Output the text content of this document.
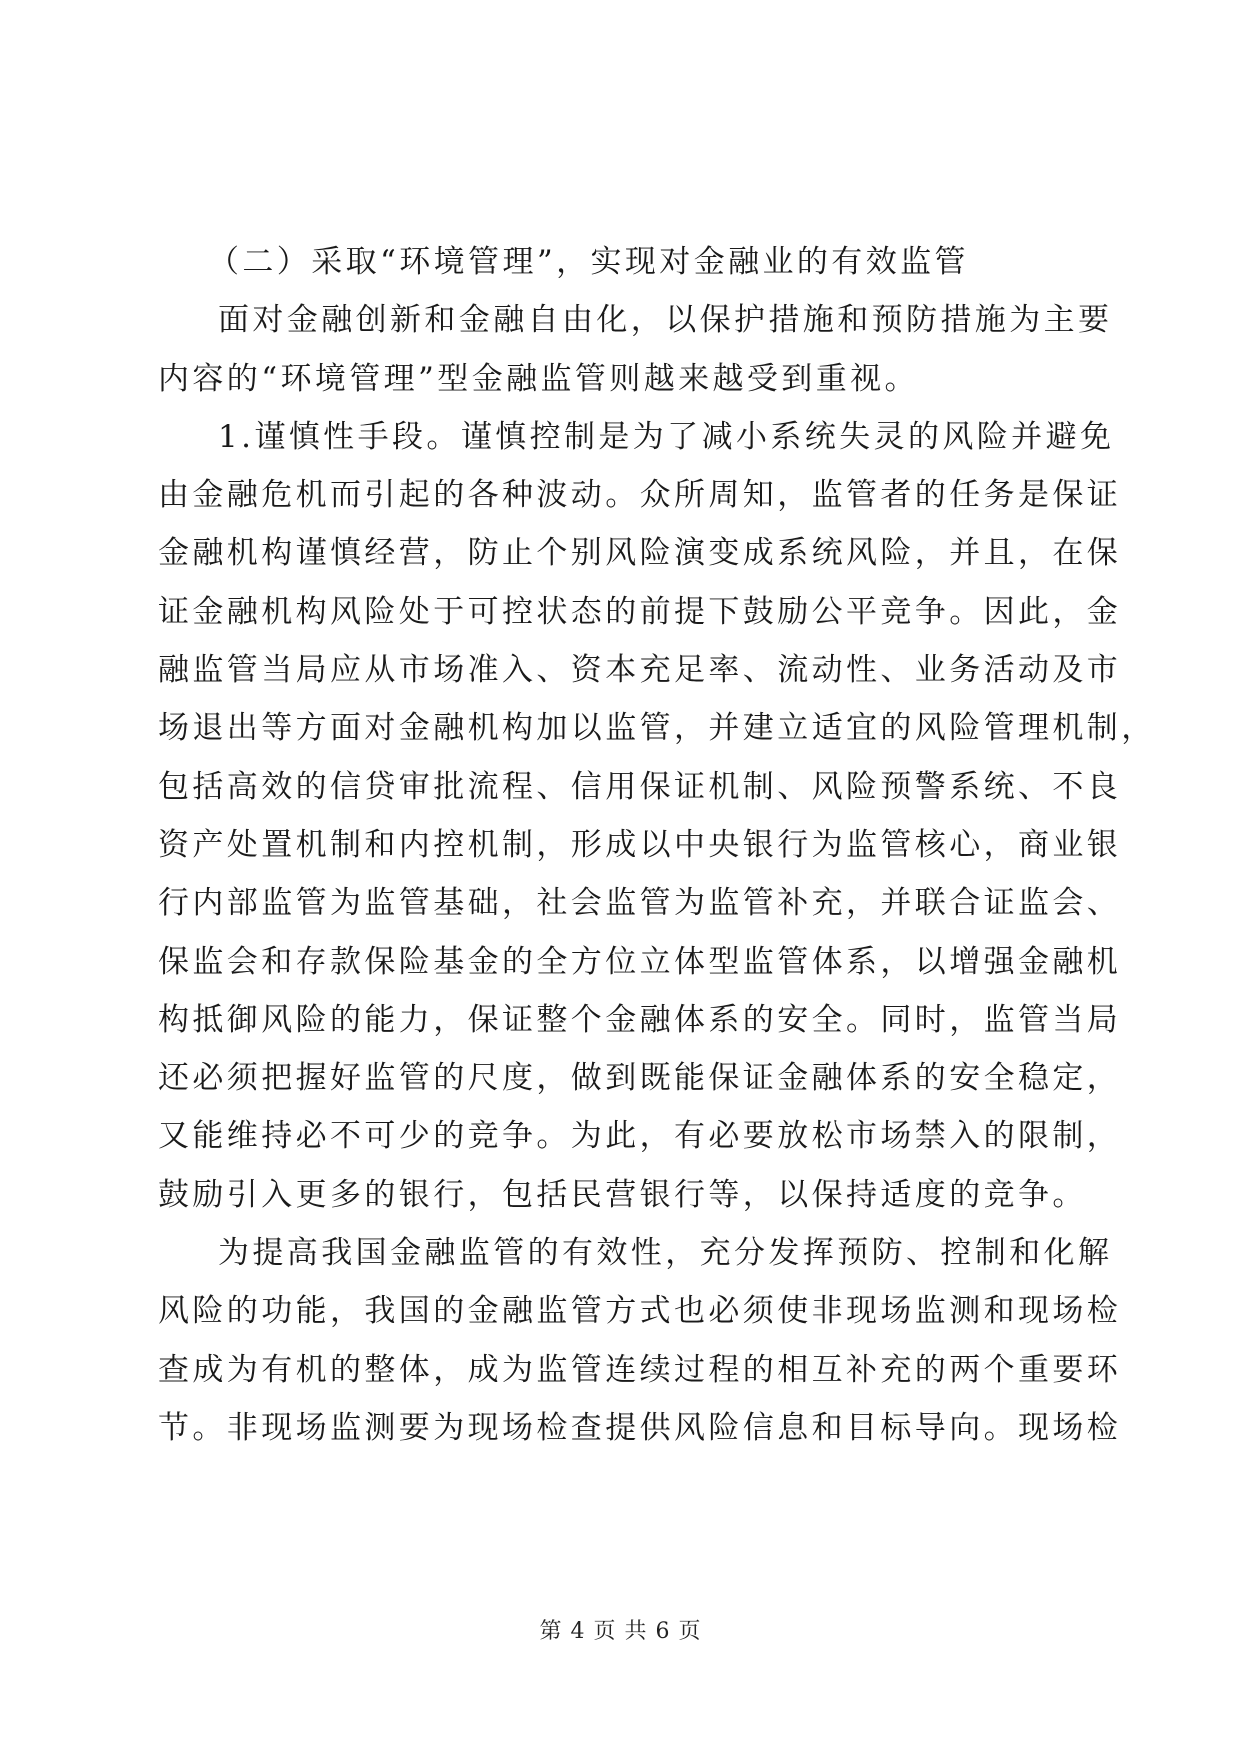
（二）采取“环境管理”，实现对金融业的有效监管
面对金融创新和金融自由化，以保护措施和预防措施为主要
内容的“环境管理”型金融监管则越来越受到重视。
1.谨慎性手段。谨慎控制是为了减小系统失灵的风险并避免
由金融危机而引起的各种波动。众所周知，监管者的任务是保证
金融机构谨慎经营，防止个别风险演变成系统风险，并且，在保
证金融机构风险处于可控状态的前提下鼓励公平竞争。因此，金
融监管当局应从市场准入、资本充足率、流动性、业务活动及市
场退出等方面对金融机构加以监管，并建立适宜的风险管理机制，
包括高效的信贷审批流程、信用保证机制、风险预警系统、不良
资产处置机制和内控机制，形成以中央银行为监管核心，商业银
行内部监管为监管基础，社会监管为监管补充，并联合证监会、
保监会和存款保险基金的全方位立体型监管体系，以增强金融机
构抵御风险的能力，保证整个金融体系的安全。同时，监管当局
还必须把握好监管的尺度，做到既能保证金融体系的安全稳定，
又能维持必不可少的竞争。为此，有必要放松市场禁入的限制，
鼓励引入更多的银行，包括民营银行等，以保持适度的竞争。
为提高我国金融监管的有效性，充分发挥预防、控制和化解
风险的功能，我国的金融监管方式也必须使非现场监测和现场检
查成为有机的整体，成为监管连续过程的相互补充的两个重要环
节。非现场监测要为现场检查提供风险信息和目标导向。现场检
第 4 页 共 6 页
